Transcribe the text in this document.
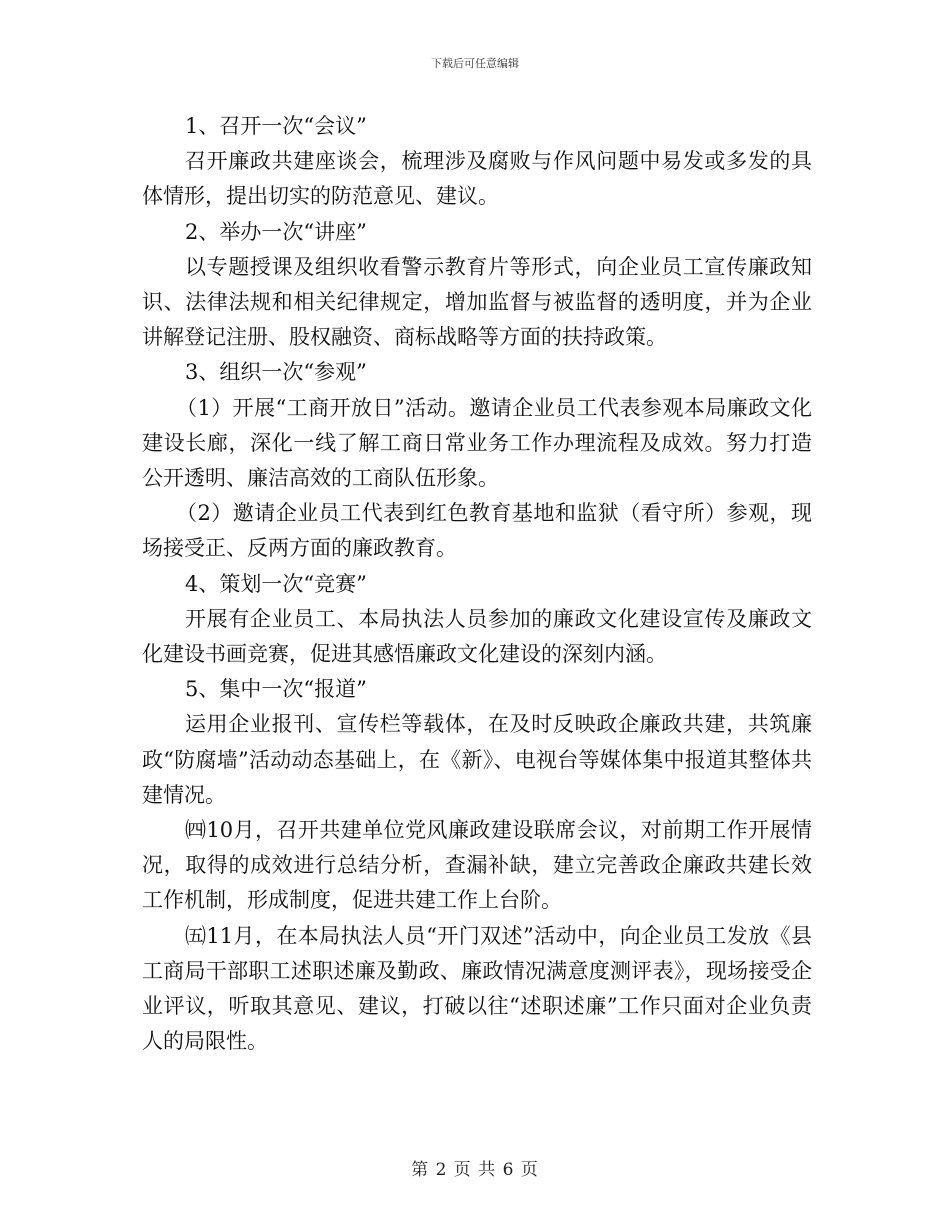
下载后可任意编辑

1、召开一次“会议”

召开廉政共建座谈会，梳理涉及腐败与作风问题中易发或多发的具体情形，提出切实的防范意见、建议。

2、举办一次“讲座”

以专题授课及组织收看警示教育片等形式，向企业员工宣传廉政知识、法律法规和相关纪律规定，增加监督与被监督的透明度，并为企业讲解登记注册、股权融资、商标战略等方面的扶持政策。

3、组织一次“参观”

（1）开展“工商开放日”活动。邀请企业员工代表参观本局廉政文化建设长廊，深化一线了解工商日常业务工作办理流程及成效。努力打造公开透明、廉洁高效的工商队伍形象。

（2）邀请企业员工代表到红色教育基地和监狱（看守所）参观，现场接受正、反两方面的廉政教育。

4、策划一次“竞赛”

开展有企业员工、本局执法人员参加的廉政文化建设宣传及廉政文化建设书画竞赛，促进其感悟廉政文化建设的深刻内涵。

5、集中一次“报道”

运用企业报刊、宣传栏等载体，在及时反映政企廉政共建，共筑廉政“防腐墙”活动动态基础上，在《新》、电视台等媒体集中报道其整体共建情况。

㈣10月，召开共建单位党风廉政建设联席会议，对前期工作开展情况，取得的成效进行总结分析，查漏补缺，建立完善政企廉政共建长效工作机制，形成制度，促进共建工作上台阶。

㈤11月，在本局执法人员“开门双述”活动中，向企业员工发放《县工商局干部职工述职述廉及勤政、廉政情况满意度测评表》，现场接受企业评议，听取其意见、建议，打破以往“述职述廉”工作只面对企业负责人的局限性。

第 2 页 共 6 页
